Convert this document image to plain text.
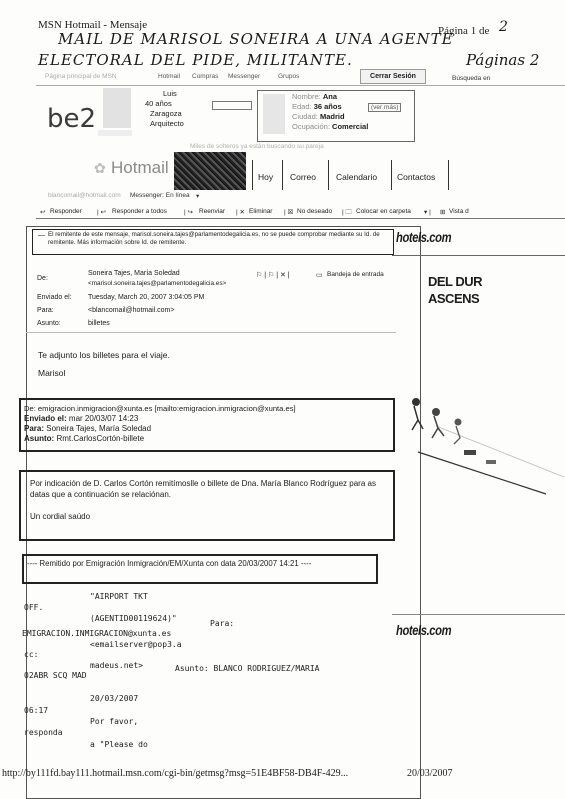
MSN Hotmail - Mensaje	Página 1 de 2
MAIL DE MARISOL SONEIRA A UNA AGENTE
ELECTORAL DEL PIDE, MILITANTE.	Páginas 2
Página principal de MSN	Hotmail Compras Messenger	Grupos	Cerrar Sesión	Búsqueda en
be2
Luis
40 años
Zaragoza
Arquitecto
Nombre: Ana
Edad: 36 años
Ciudad: Madrid
Ocupación: Comercial
(ver más)
Miles de solteros ya están buscando su pareja
✿ Hotmail	Hoy Correo Calendario Contactos
blancomail@hotmail.com Messenger: En línea ▾
↩ Responder | ↩ Responder a todos	| ↪ Reenviar | ✕ Eliminar | ☒ No deseado | 🗀 Colocar en carpeta ▾ | ⊞ Vista d
— El remitente de este mensaje, marisol.soneira.tajes@parlamentodegalicia.es, no se puede comprobar mediante su Id. de remitente. Más información sobre Id. de remitente.
De:
Soneira Tajes, María Soledad
<marisol.soneira.tajes@parlamentodegalicia.es>
⚐ | ⚐ | ✕ |	▭ Bandeja de entrada
Enviado el: Tuesday, March 20, 2007 3:04:05 PM
Para:	<blancomail@hotmail.com>
Asunto:	billetes
Te adjunto los billetes para el viaje.
Marisol
De: emigracion.inmigracion@xunta.es [mailto:emigracion.inmigracion@xunta.es]
Enviado el: mar 20/03/07 14:23
Para: Soneira Tajes, María Soledad
Asunto: Rmt.CarlosCortón-billete
Por indicación de D. Carlos Cortón remitímoslle o billete de Dna. María Blanco Rodríguez para as datas que a continuación se relaciónan.
Un cordial saúdo
---- Remitido por Emigración Inmigración/EM/Xunta con data 20/03/2007 14:21 ----
"AIRPORT TKT
OFF.
(AGENTID00119624)"
Para:
EMIGRACION.INMIGRACION@xunta.es
<emailserver@pop3.a
cc:
madeus.net>	Asunto: BLANCO RODRIGUEZ/MARIA
02ABR SCQ MAD
20/03/2007
06:17
Por favor,
responda
a "Please do
hotels.com
DEL DUR
ASCENS
hotels.com
http://by111fd.bay111.hotmail.msn.com/cgi-bin/getmsg?msg=51E4BF58-DB4F-429...	20/03/2007
